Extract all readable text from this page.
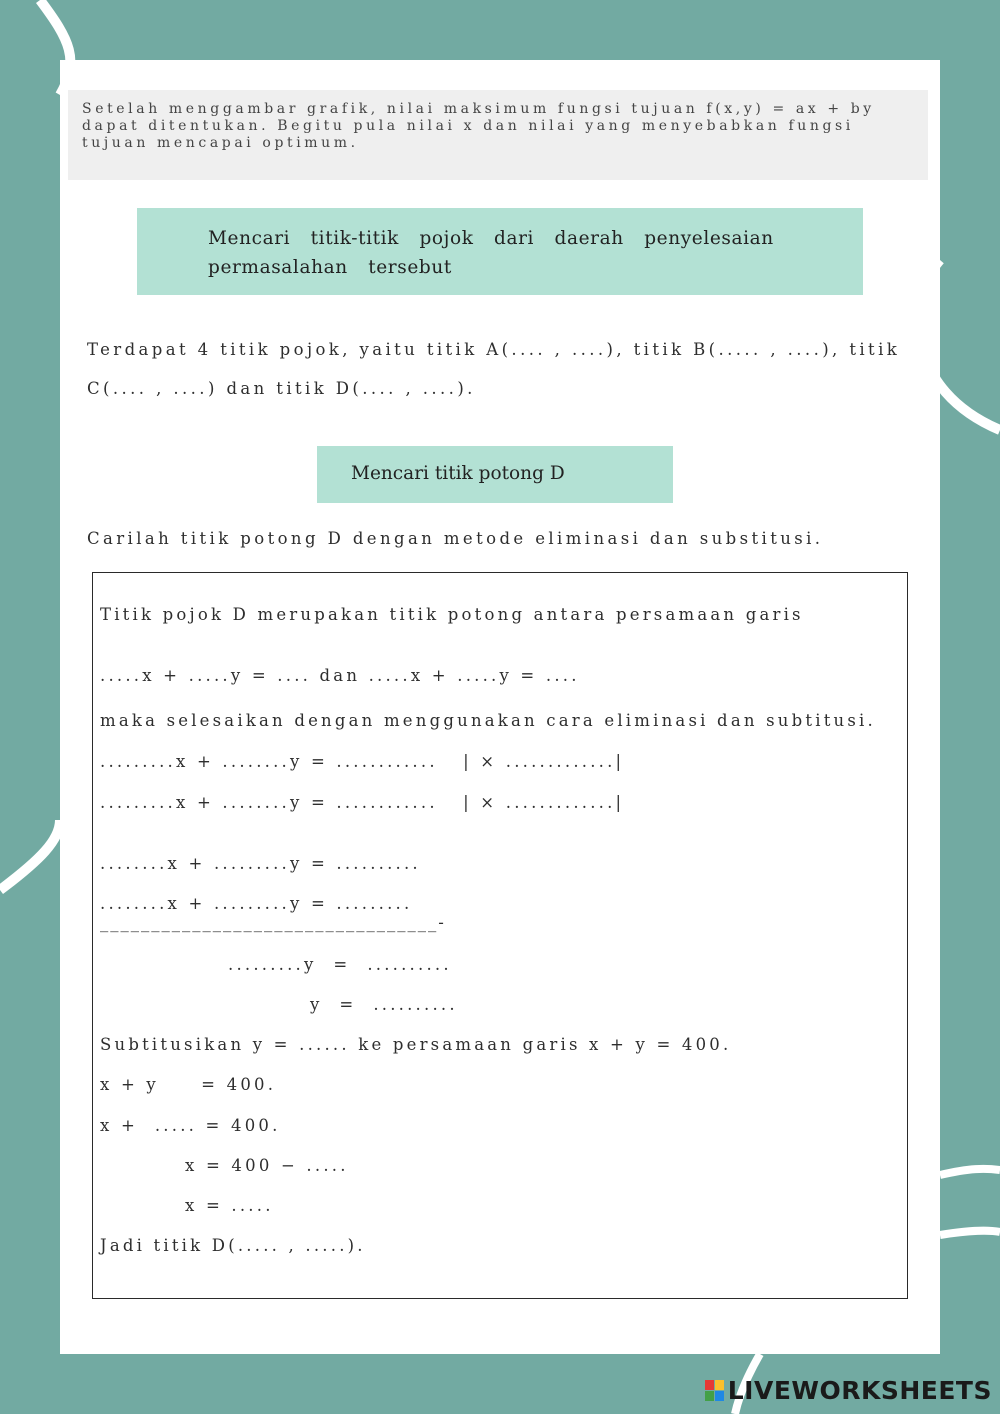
Setelah menggambar grafik, nilai maksimum fungsi tujuan f(x,y) = ax + by dapat ditentukan. Begitu pula nilai x dan nilai yang menyebabkan fungsi tujuan mencapai optimum.
Mencari titik-titik pojok dari daerah penyelesaian permasalahan tersebut
Terdapat 4 titik pojok, yaitu titik A(.... , ....), titik B(..... , ....), titik C(.... , ....) dan titik D(.... , ....).
Mencari titik potong D
Carilah titik potong D dengan metode eliminasi dan substitusi.
Titik pojok D merupakan titik potong antara persamaan garis
.....x + .....y = .... dan .....x + .....y = ....
maka selesaikan dengan menggunakan cara eliminasi dan subtitusi.
.........x + ........y = ............   | × .............|
.........x + ........y = ............   | × .............|
........x + .........y = ..........
........x + .........y = .........
_________________________________-
.........y  =  ..........
y  =  ..........
Subtitusikan y = ...... ke persamaan garis x + y = 400.
x + y     = 400.
x +  ..... = 400.
x = 400 − .....
x = .....
Jadi titik D(..... , .....).
LIVEWORKSHEETS
